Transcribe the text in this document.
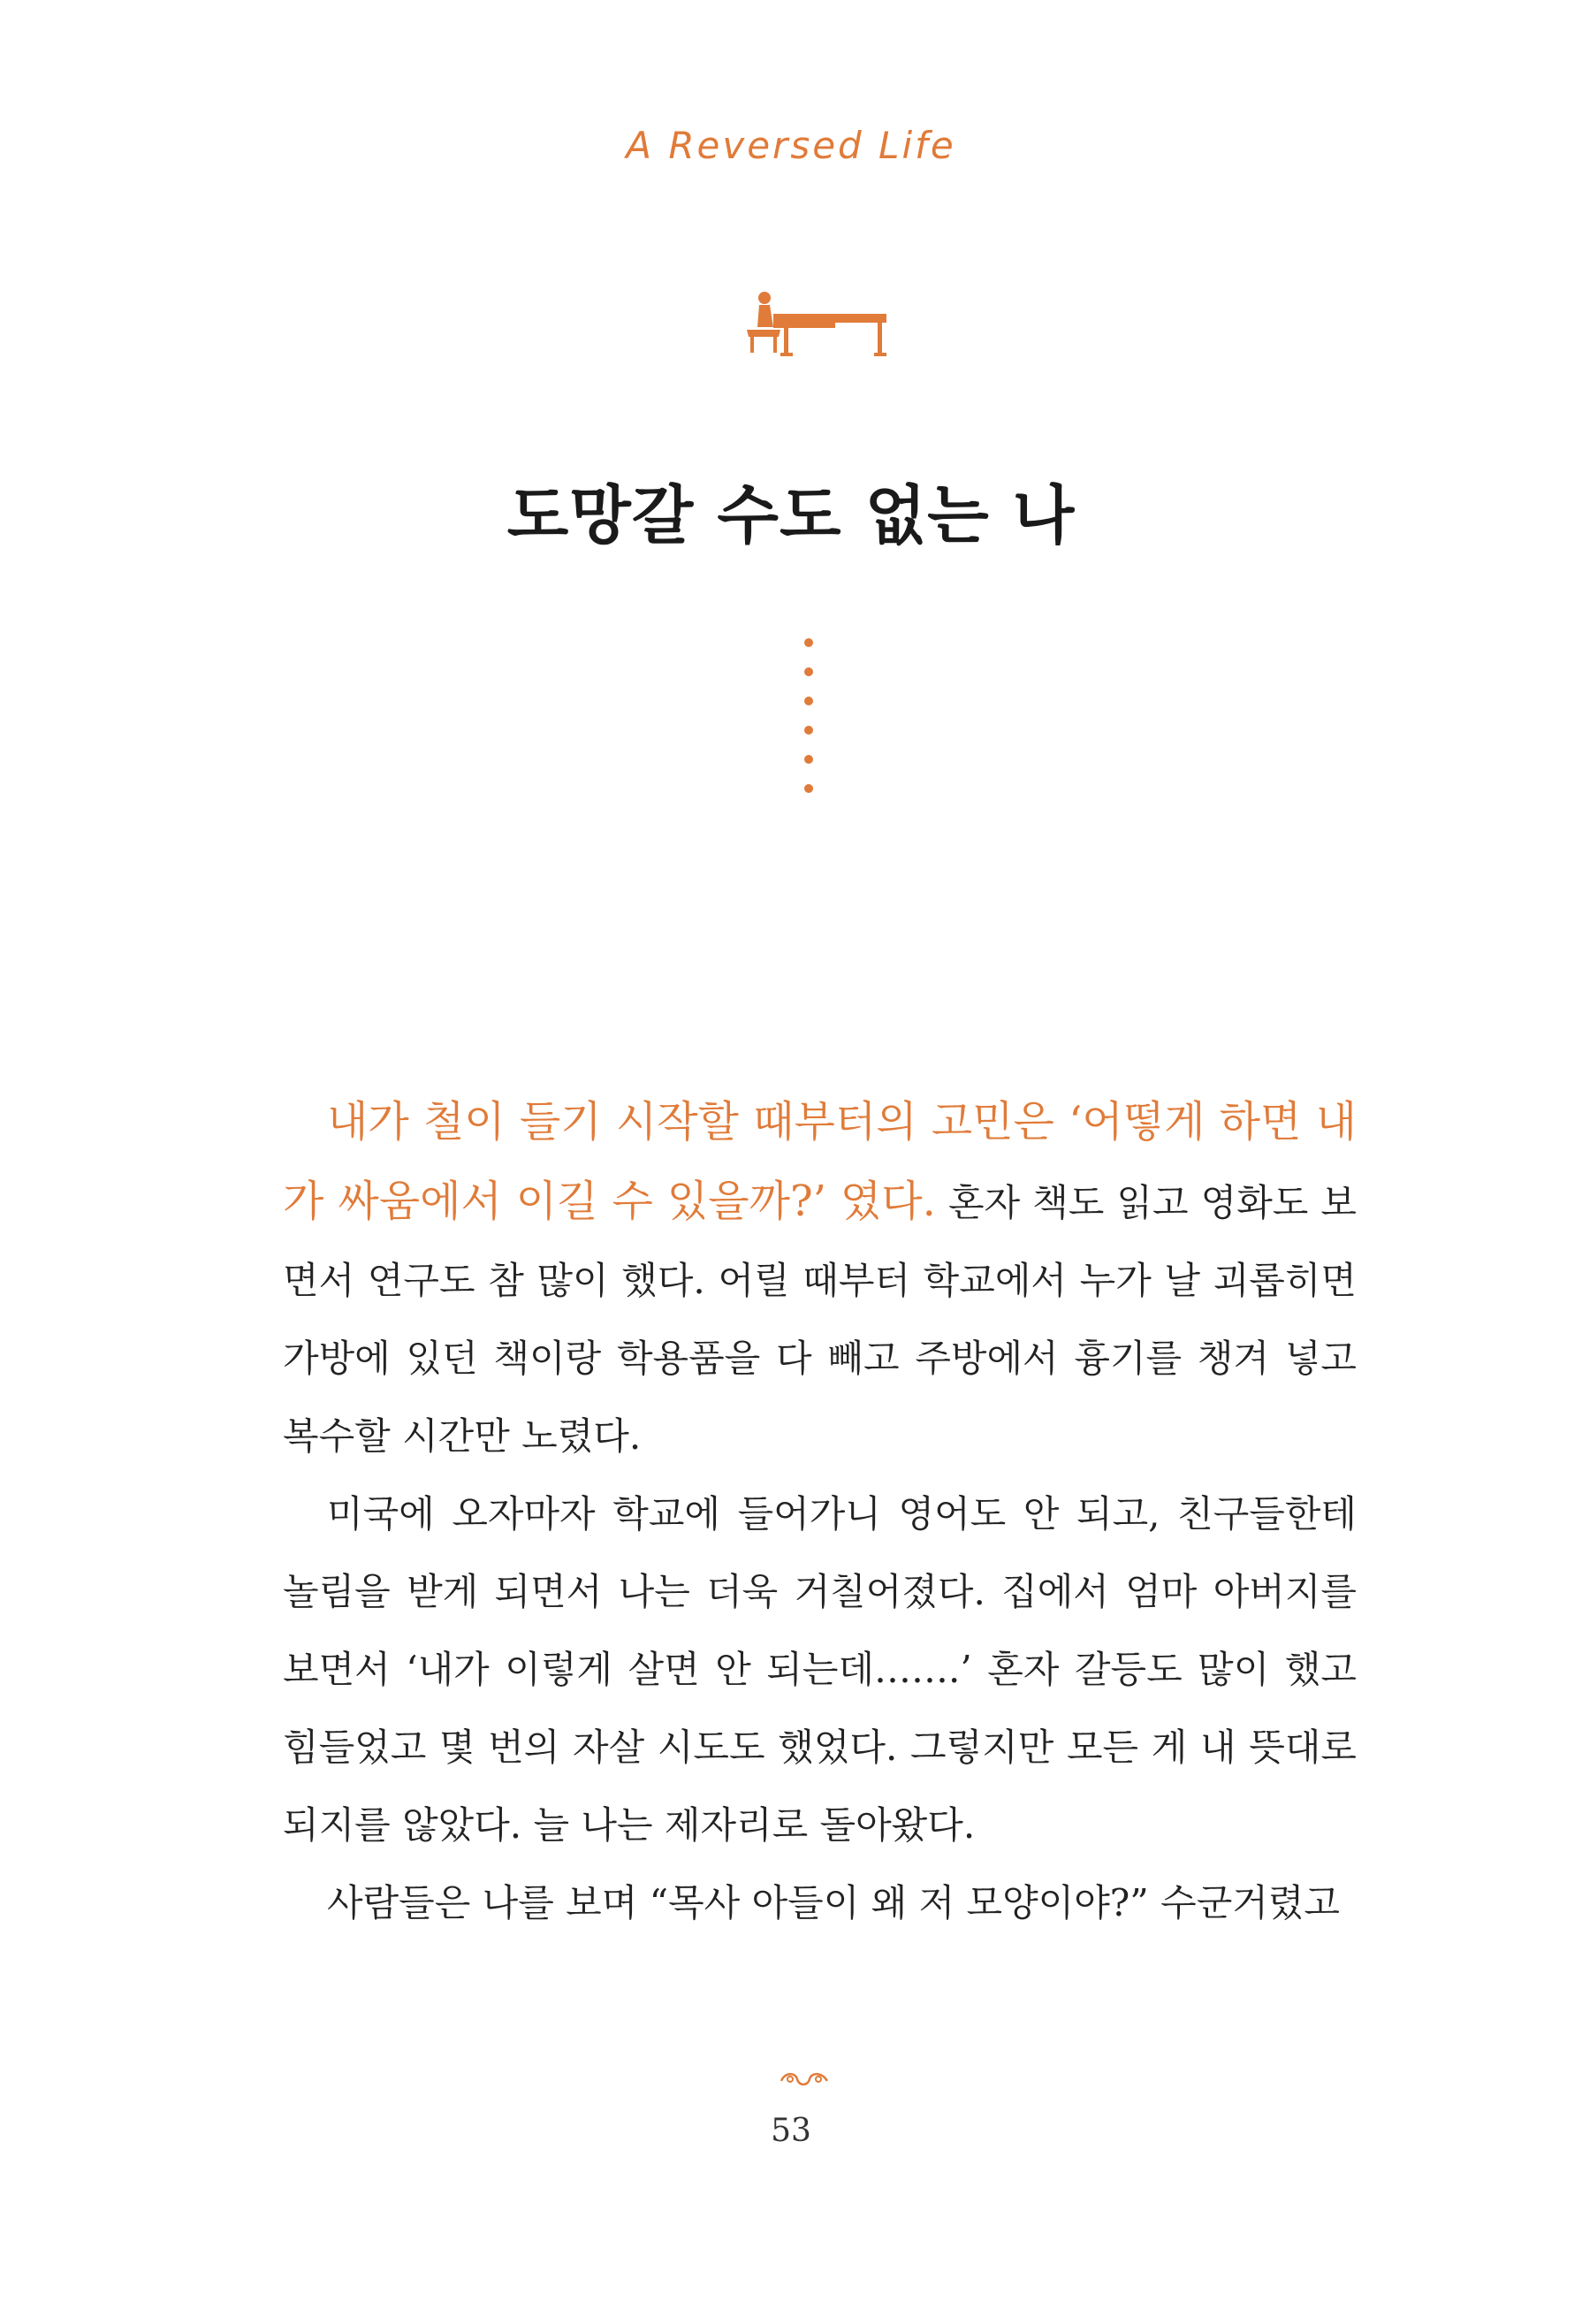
A Reversed Life
도망갈 수도 없는 나

내가 철이 들기 시작할 때부터의 고민은 ‘어떻게 하면 내가 싸움에서 이길 수 있을까?’ 였다. 혼자 책도 읽고 영화도 보면서 연구도 참 많이 했다. 어릴 때부터 학교에서 누가 날 괴롭히면 가방에 있던 책이랑 학용품을 다 빼고 주방에서 흉기를 챙겨 넣고 복수할 시간만 노렸다.

미국에 오자마자 학교에 들어가니 영어도 안 되고, 친구들한테 놀림을 받게 되면서 나는 더욱 거칠어졌다. 집에서 엄마 아버지를 보면서 ‘내가 이렇게 살면 안 되는데…….’ 혼자 갈등도 많이 했고 힘들었고 몇 번의 자살 시도도 했었다. 그렇지만 모든 게 내 뜻대로 되지를 않았다. 늘 나는 제자리로 돌아왔다.

사람들은 나를 보며 “목사 아들이 왜 저 모양이야?” 수군거렸고

53
